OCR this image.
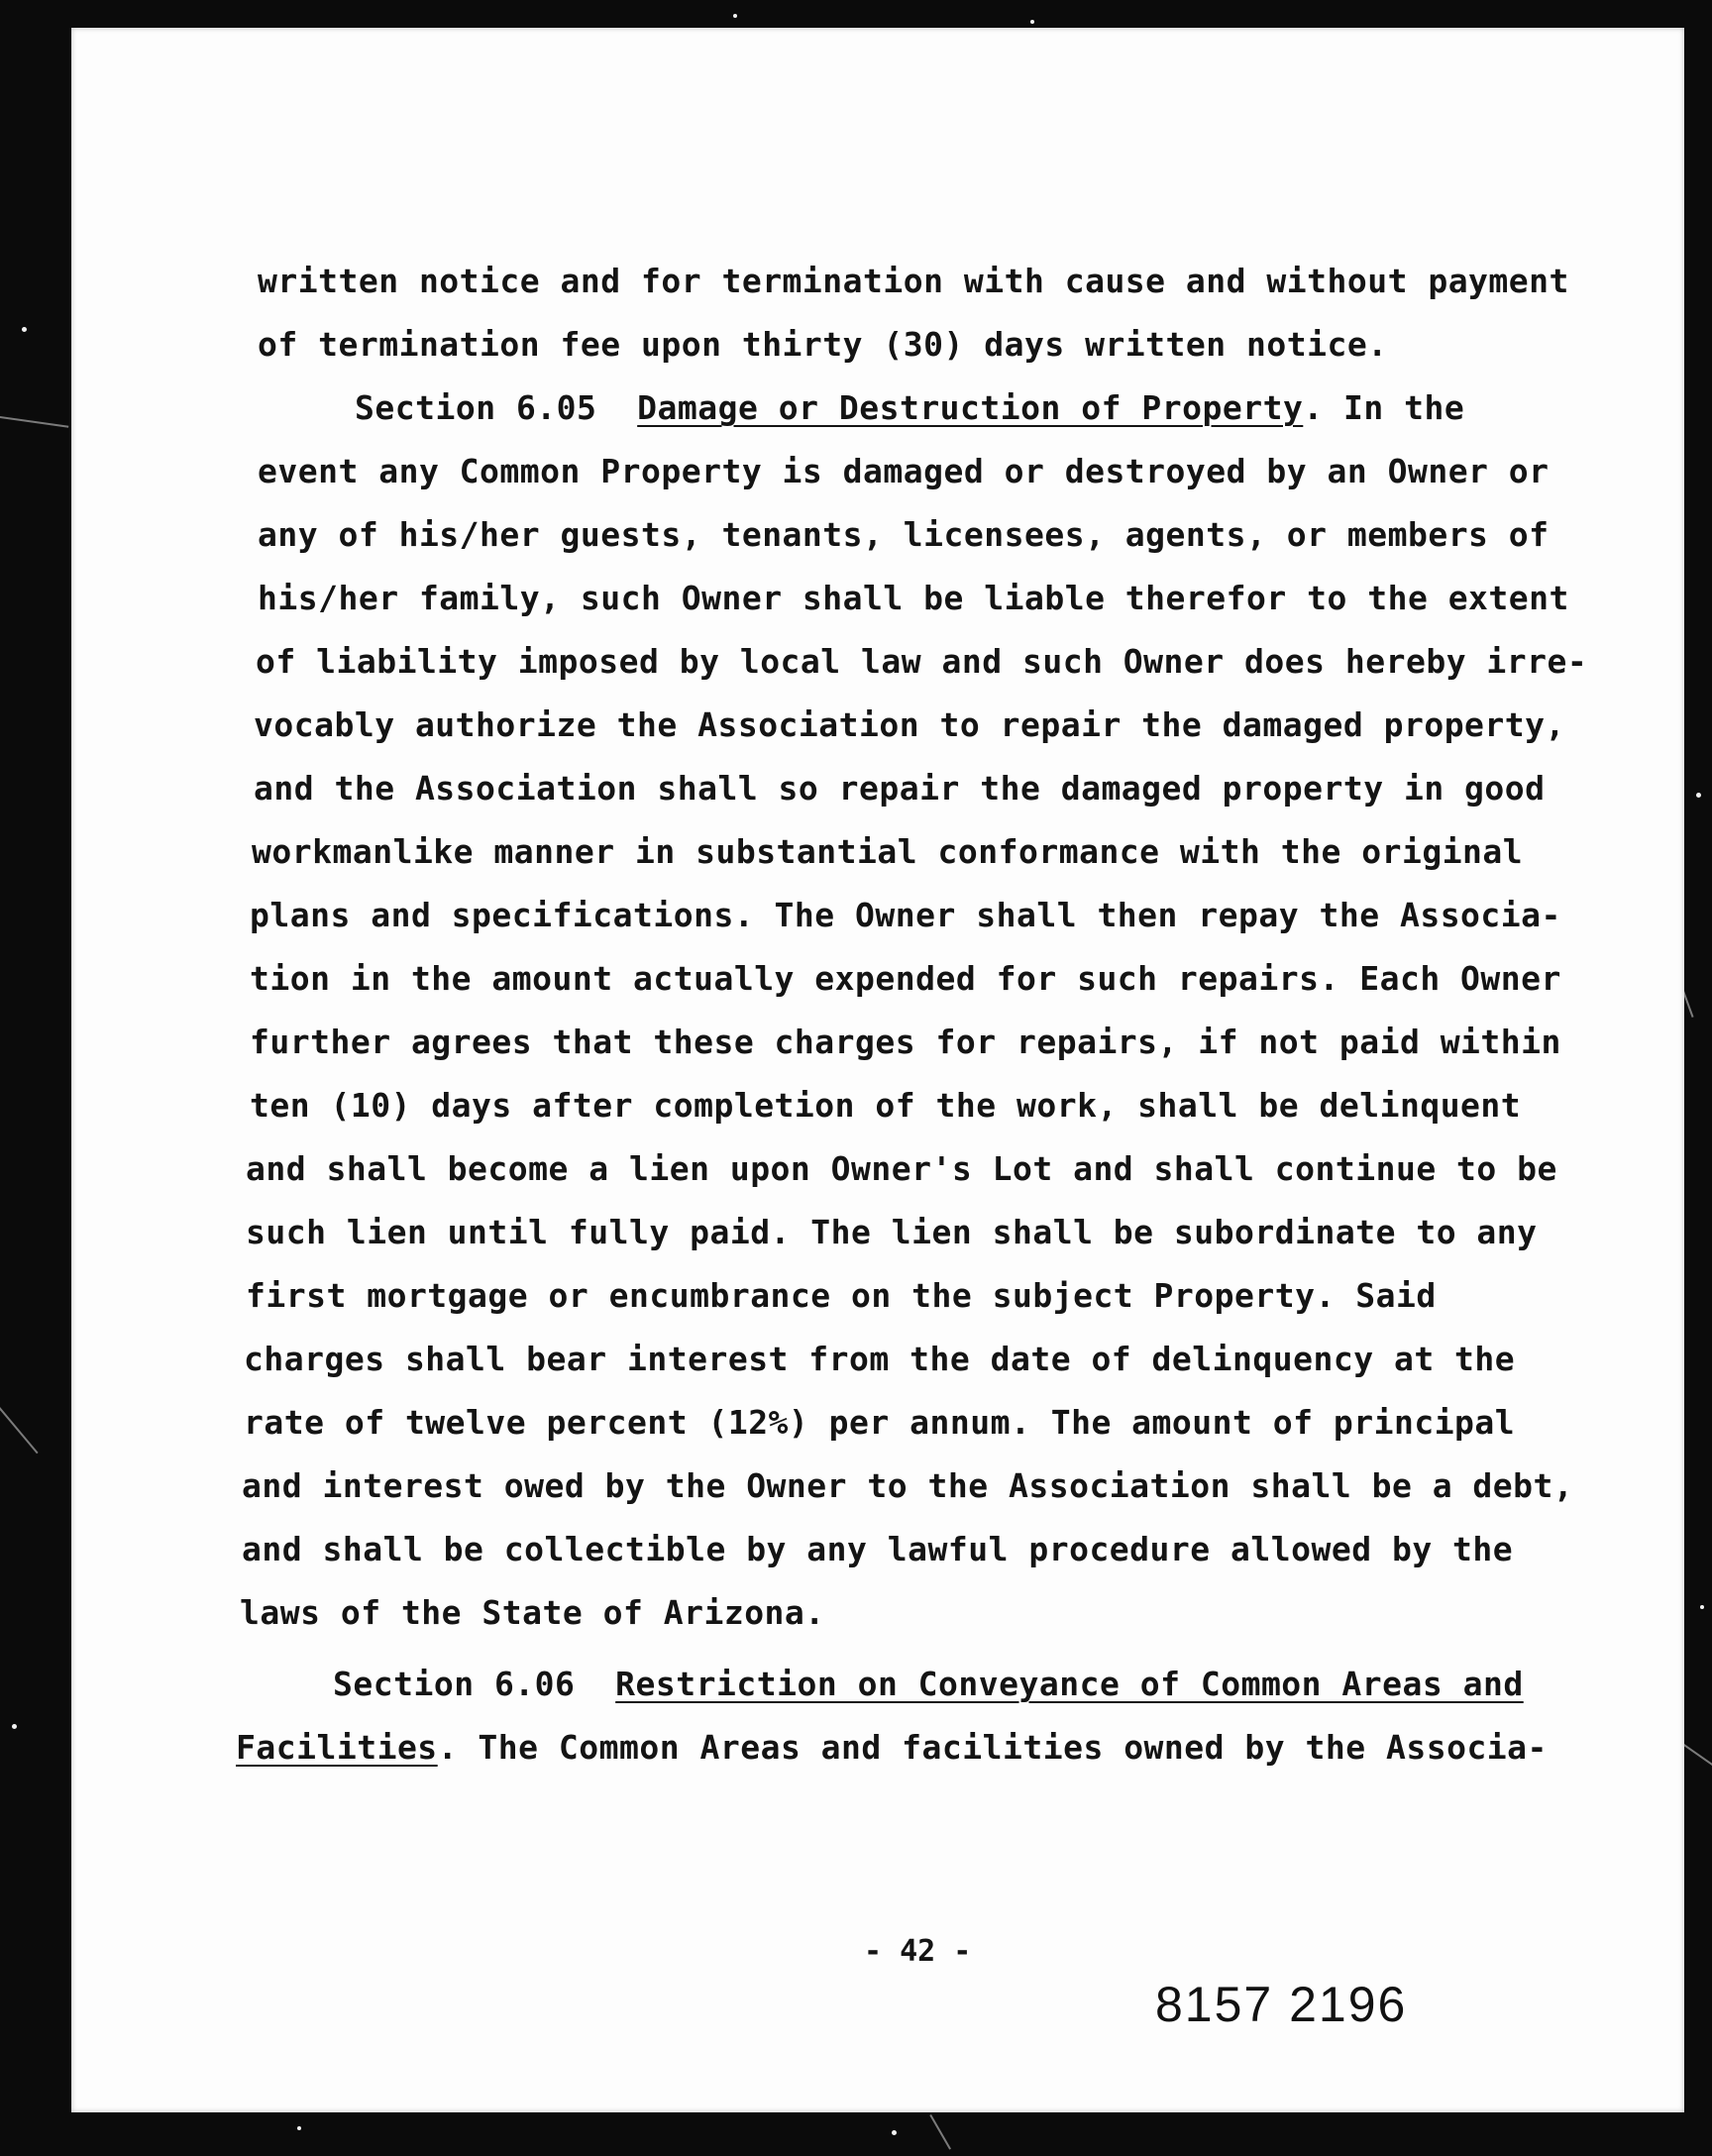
written notice and for termination with cause and without payment
of termination fee upon thirty (30) days written notice.
Section 6.05 Damage or Destruction of Property. In the
event any Common Property is damaged or destroyed by an Owner or
any of his/her guests, tenants, licensees, agents, or members of
his/her family, such Owner shall be liable therefor to the extent
of liability imposed by local law and such Owner does hereby irre-
vocably authorize the Association to repair the damaged property,
and the Association shall so repair the damaged property in good
workmanlike manner in substantial conformance with the original
plans and specifications. The Owner shall then repay the Associa-
tion in the amount actually expended for such repairs. Each Owner
further agrees that these charges for repairs, if not paid within
ten (10) days after completion of the work, shall be delinquent
and shall become a lien upon Owner's Lot and shall continue to be
such lien until fully paid. The lien shall be subordinate to any
first mortgage or encumbrance on the subject Property. Said
charges shall bear interest from the date of delinquency at the
rate of twelve percent (12%) per annum. The amount of principal
and interest owed by the Owner to the Association shall be a debt,
and shall be collectible by any lawful procedure allowed by the
laws of the State of Arizona.
Section 6.06 Restriction on Conveyance of Common Areas and
Facilities. The Common Areas and facilities owned by the Associa-
- 42 -
8157 2196
